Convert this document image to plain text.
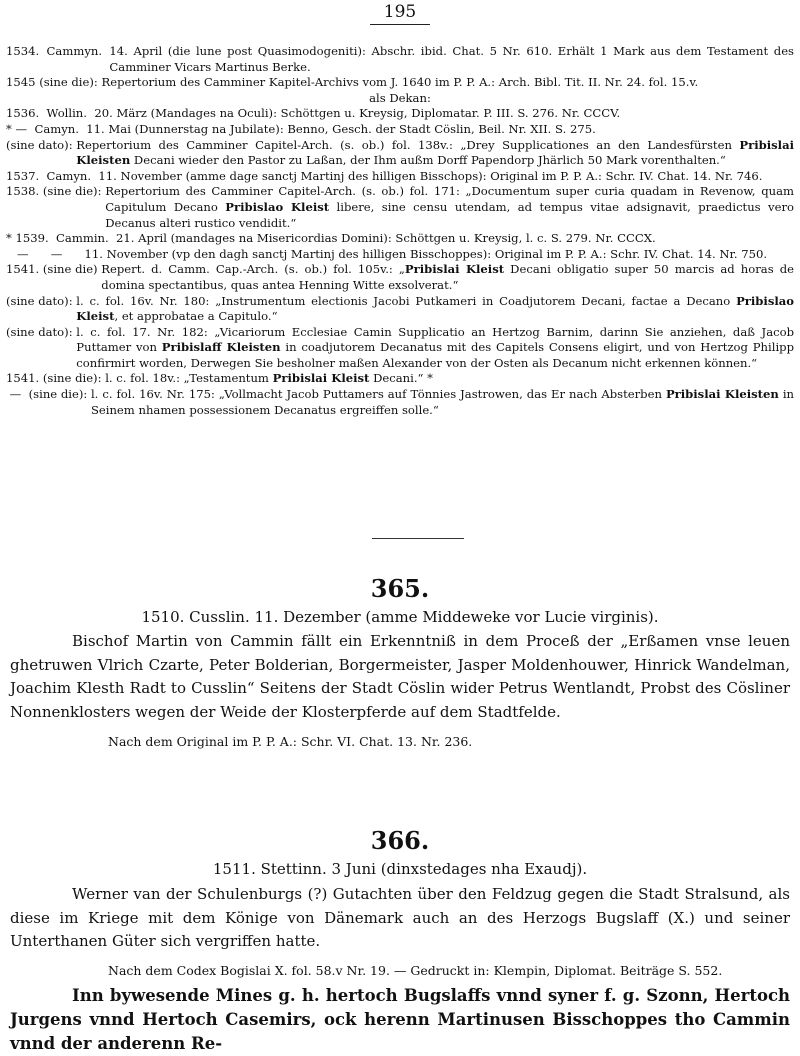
195
1534.  Cammyn. 14. April (die lune post Quasimodogeniti): Abschr. ibid. Chat. 5 Nr. 610. Erhält 1 Mark aus dem Testament des Camminer Vicars Martinus Berke.
1545 (sine die): Repertorium des Camminer Kapitel-Archivs vom J. 1640 im P. P. A.: Arch. Bibl. Tit. II. Nr. 24. fol. 15.v.
als Dekan:
1536.  Wollin. 20. März (Mandages na Oculi): Schöttgen u. Kreysig, Diplomatar. P. III. S. 276. Nr. CCCV.
* —  Camyn. 11. Mai (Dunnerstag na Jubilate): Benno, Gesch. der Stadt Cöslin, Beil. Nr. XII. S. 275.
(sine dato): Repertorium des Camminer Capitel-Arch. (s. ob.) fol. 138v.: „Drey Supplicationes an den Landesfürsten Pribislai Kleisten Decani wieder den Pastor zu Laßan, der Ihm außm Dorff Papendorp Jhärlich 50 Mark vorenthalten.“
1537.  Camyn. 11. November (amme dage sanctj Martinj des hilligen Bisschops): Original im P. P. A.: Schr. IV. Chat. 14. Nr. 746.
1538. (sine die): Repertorium des Camminer Capitel-Arch. (s. ob.) fol. 171: „Documentum super curia quadam in Revenow, quam Capitulum Decano Pribislao Kleist libere, sine censu utendam, ad tempus vitae adsignavit, praedictus vero Decanus alteri rustico vendidit.“
* 1539.  Cammin. 21. April (mandages na Misericordias Domini): Schöttgen u. Kreysig, l. c. S. 279. Nr. CCCX.
—      — 11. November (vp den dagh sanctj Martinj des hilligen Bisschoppes): Original im P. P. A.: Schr. IV. Chat. 14. Nr. 750.
1541. (sine die) Repert. d. Camm. Cap.-Arch. (s. ob.) fol. 105v.: „Pribislai Kleist Decani obligatio super 50 marcis ad horas de domina spectantibus, quas antea Henning Witte exsolverat.“
(sine dato): l. c. fol. 16v. Nr. 180: „Instrumentum electionis Jacobi Putkameri in Coadjutorem Decani, factae a Decano Pribislao Kleist, et approbatae a Capitulo.“
(sine dato): l. c. fol. 17. Nr. 182: „Vicariorum Ecclesiae Camin Supplicatio an Hertzog Barnim, darinn Sie anziehen, daß Jacob Puttamer von Pribislaff Kleisten in coadjutorem Decanatus mit des Capitels Consens eligirt, und von Hertzog Philipp confirmirt worden, Derwegen Sie besholner maßen Alexander von der Osten als Decanum nicht erkennen können.“
1541. (sine die): l. c. fol. 18v.: „Testamentum Pribislai Kleist Decani.“ *
—  (sine die): l. c. fol. 16v. Nr. 175: „Vollmacht Jacob Puttamers auf Tönnies Jastrowen, das Er nach Absterben Pribislai Kleisten in Seinem nhamen possessionem Decanatus ergreiffen solle.“
365.
1510. Cusslin. 11. Dezember (amme Middeweke vor Lucie virginis).
Bischof Martin von Cammin fällt ein Erkenntniß in dem Proceß der „Erßamen vnse leuen ghetruwen Vlrich Czarte, Peter Bolderian, Borgermeister, Jasper Moldenhouwer, Hinrick Wandelman, Joachim Klesth Radt to Cusslin“ Seitens der Stadt Cöslin wider Petrus Wentlandt, Probst des Cösliner Nonnenklosters wegen der Weide der Klosterpferde auf dem Stadtfelde.
Nach dem Original im P. P. A.: Schr. VI. Chat. 13. Nr. 236.
366.
1511. Stettinn. 3 Juni (dinxstedages nha Exaudj).
Werner van der Schulenburgs (?) Gutachten über den Feldzug gegen die Stadt Stralsund, als diese im Kriege mit dem Könige von Dänemark auch an des Herzogs Bugslaff (X.) und seiner Unterthanen Güter sich vergriffen hatte.
Nach dem Codex Bogislai X. fol. 58.v Nr. 19. — Gedruckt in: Klempin, Diplomat. Beiträge S. 552.
Inn bywesende Mines g. h. hertoch Bugslaffs vnnd syner f. g. Szonn, Hertoch Jurgens vnnd Hertoch Casemirs, ock herenn Martinusen Bisschoppes tho Cammin vnnd der anderenn Re-
